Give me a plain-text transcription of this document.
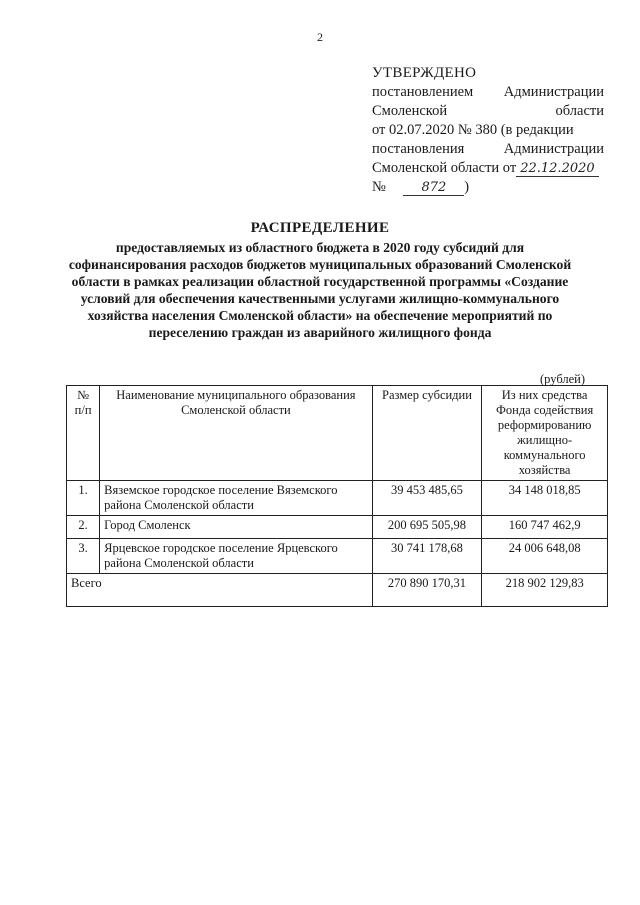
2
УТВЕРЖДЕНО
постановлением Администрации
Смоленской	области
от 02.07.2020 № 380 (в редакции
постановления	Администрации
Смоленской области от 22.12.2020
№	872 )
РАСПРЕДЕЛЕНИЕ
предоставляемых из областного бюджета в 2020 году субсидий для софинансирования расходов бюджетов муниципальных образований Смоленской области в рамках реализации областной государственной программы «Создание условий для обеспечения качественными услугами жилищно-коммунального хозяйства населения Смоленской области» на обеспечение мероприятий по переселению граждан из аварийного жилищного фонда
(рублей)
№ п/п	Наименование муниципального образования Смоленской области	Размер субсидии	Из них средства Фонда содействия реформированию жилищно-коммунального хозяйства
1.	Вяземское городское поселение Вяземского района Смоленской области	39 453 485,65	34 148 018,85
2.	Город Смоленск	200 695 505,98	160 747 462,9
3.	Ярцевское городское поселение Ярцевского района Смоленской области	30 741 178,68	24 006 648,08
Всего		270 890 170,31	218 902 129,83
